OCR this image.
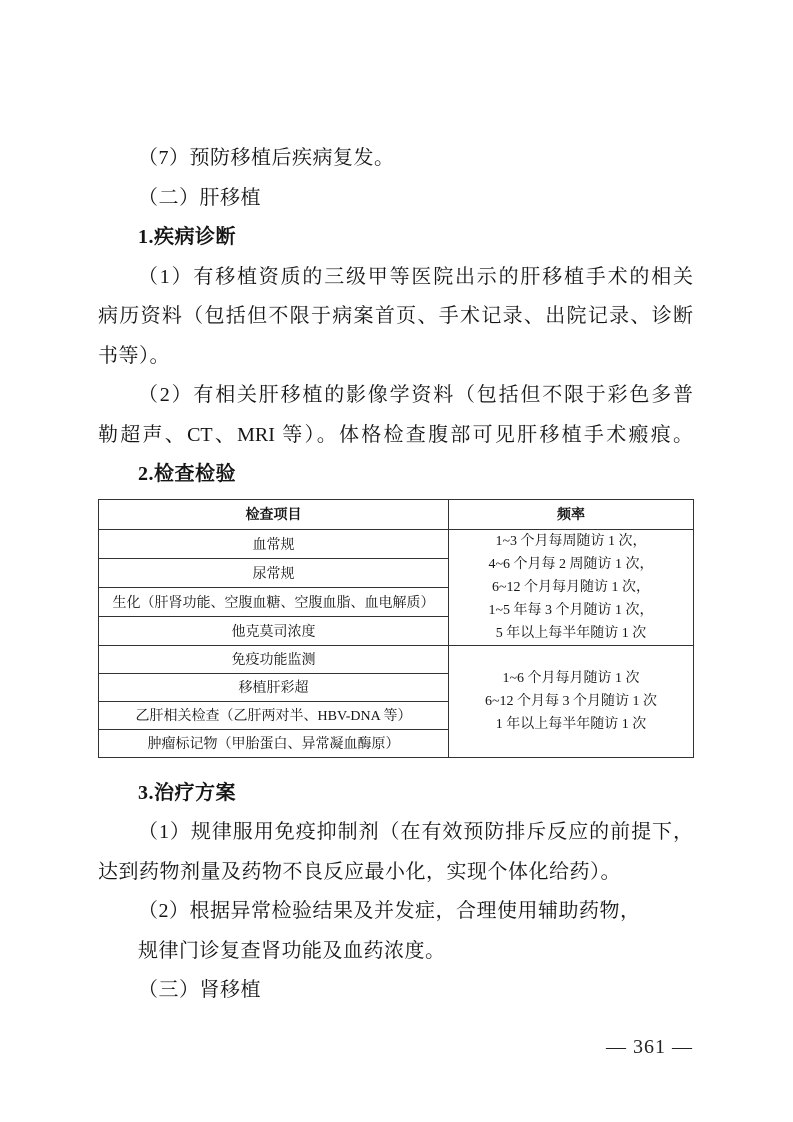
（7）预防移植后疾病复发。
（二）肝移植
1.疾病诊断
（1）有移植资质的三级甲等医院出示的肝移植手术的相关
病历资料（包括但不限于病案首页、手术记录、出院记录、诊断
书等）。
（2）有相关肝移植的影像学资料（包括但不限于彩色多普
勒超声、CT、MRI 等）。体格检查腹部可见肝移植手术瘢痕。
2.检查检验
检查项目	频率
血常规	1~3 个月每周随访 1 次，
4~6 个月每 2 周随访 1 次，
6~12 个月每月随访 1 次，
1~5 年每 3 个月随访 1 次，
5 年以上每半年随访 1 次

尿常规	
生化（肝肾功能、空腹血糖、空腹血脂、血电解质）	
他克莫司浓度	
免疫功能监测	1~6 个月每月随访 1 次
6~12 个月每 3 个月随访 1 次
1 年以上每半年随访 1 次

移植肝彩超	
乙肝相关检查（乙肝两对半、HBV-DNA 等）	
肿瘤标记物（甲胎蛋白、异常凝血酶原）	
3.治疗方案
（1）规律服用免疫抑制剂（在有效预防排斥反应的前提下，
达到药物剂量及药物不良反应最小化，实现个体化给药）。
（2）根据异常检验结果及并发症，合理使用辅助药物，
规律门诊复查肾功能及血药浓度。
（三）肾移植
— 361 —
